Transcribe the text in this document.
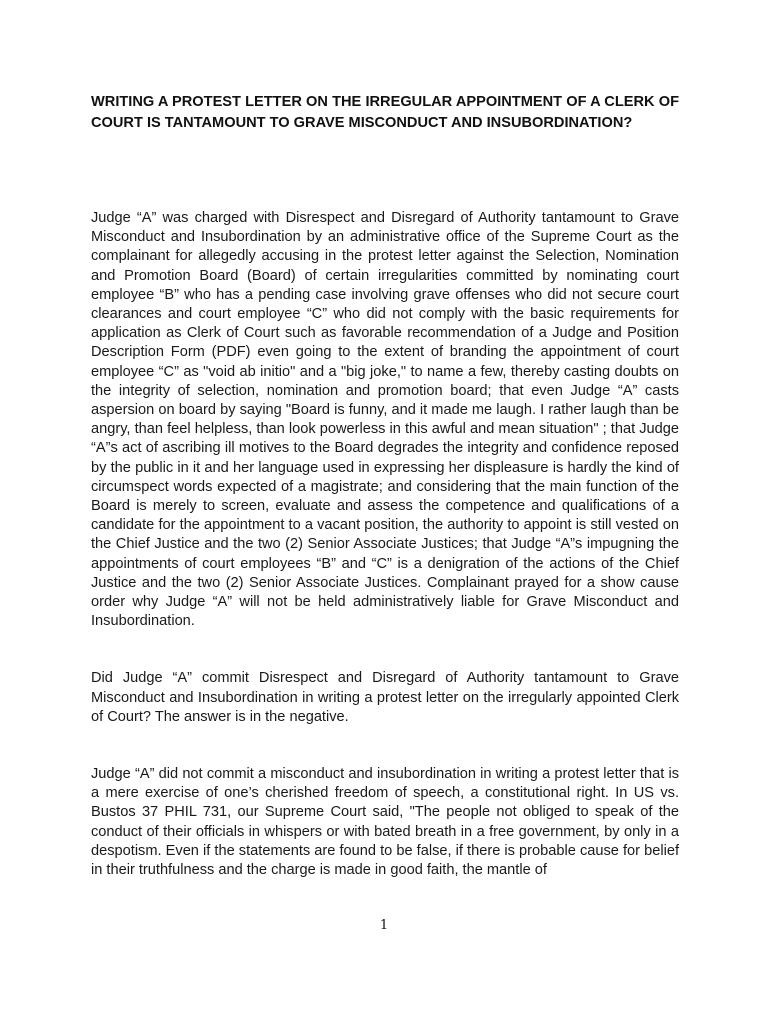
WRITING A PROTEST LETTER ON THE IRREGULAR APPOINTMENT OF A CLERK OF COURT IS TANTAMOUNT TO GRAVE MISCONDUCT AND INSUBORDINATION?

Judge “A” was charged with Disrespect and Disregard of Authority tantamount to Grave Misconduct and Insubordination by an administrative office of the Supreme Court as the complainant for allegedly accusing in the protest letter against the Selection, Nomination and Promotion Board (Board) of certain irregularities committed by nominating court employee “B” who has a pending case involving grave offenses who did not secure court clearances and court employee “C” who did not comply with the basic requirements for application as Clerk of Court such as favorable recommendation of a Judge and Position Description Form (PDF) even going to the extent of branding the appointment of court employee “C” as "void ab initio" and a "big joke," to name a few, thereby casting doubts on the integrity of selection, nomination and promotion board; that even Judge “A” casts aspersion on board by saying "Board is funny, and it made me laugh. I rather laugh than be angry, than feel helpless, than look powerless in this awful and mean situation" ; that Judge “A”s act of ascribing ill motives to the Board degrades the integrity and confidence reposed by the public in it and her language used in expressing her displeasure is hardly the kind of circumspect words expected of a magistrate; and considering that the main function of the Board is merely to screen, evaluate and assess the competence and qualifications of a candidate for the appointment to a vacant position, the authority to appoint is still vested on the Chief Justice and the two (2) Senior Associate Justices; that Judge “A”s impugning the appointments of court employees “B” and “C” is a denigration of the actions of the Chief Justice and the two (2) Senior Associate Justices. Complainant prayed for a show cause order why Judge “A” will not be held administratively liable for Grave Misconduct and Insubordination.

Did Judge “A” commit Disrespect and Disregard of Authority tantamount to Grave Misconduct and Insubordination in writing a protest letter on the irregularly appointed Clerk of Court? The answer is in the negative.

Judge “A” did not commit a misconduct and insubordination in writing a protest letter that is a mere exercise of one’s cherished freedom of speech, a constitutional right. In US vs. Bustos 37 PHIL 731, our Supreme Court said, "The people not obliged to speak of the conduct of their officials in whispers or with bated breath in a free government, by only in a despotism. Even if the statements are found to be false, if there is probable cause for belief in their truthfulness and the charge is made in good faith, the mantle of

1
